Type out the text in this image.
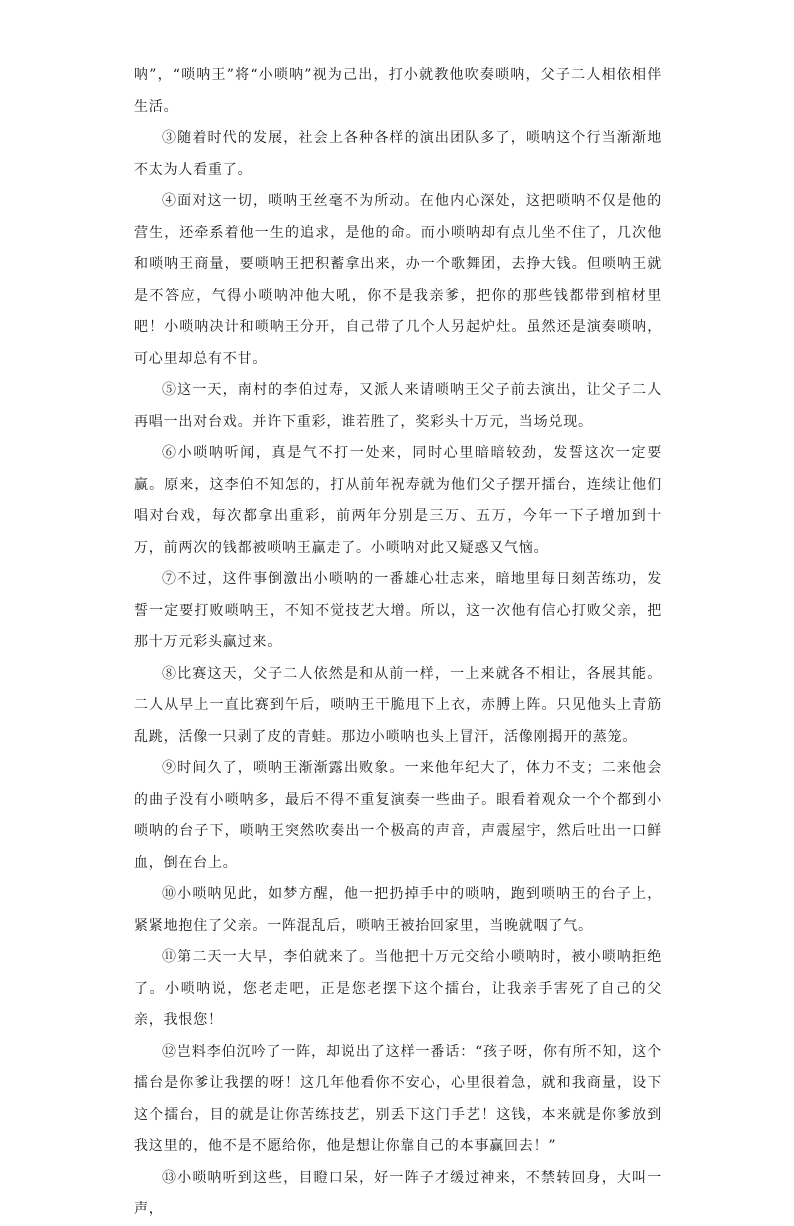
呐”，“唢呐王”将“小唢呐”视为己出，打小就教他吹奏唢呐，父子二人相依相伴生活。

③随着时代的发展，社会上各种各样的演出团队多了，唢呐这个行当渐渐地不太为人看重了。

④面对这一切，唢呐王丝毫不为所动。在他内心深处，这把唢呐不仅是他的营生，还牵系着他一生的追求，是他的命。而小唢呐却有点儿坐不住了，几次他和唢呐王商量，要唢呐王把积蓄拿出来，办一个歌舞团，去挣大钱。但唢呐王就是不答应，气得小唢呐冲他大吼，你不是我亲爹，把你的那些钱都带到棺材里吧！小唢呐决计和唢呐王分开，自己带了几个人另起炉灶。虽然还是演奏唢呐，可心里却总有不甘。

⑤这一天，南村的李伯过寿，又派人来请唢呐王父子前去演出，让父子二人再唱一出对台戏。并许下重彩，谁若胜了，奖彩头十万元，当场兑现。

⑥小唢呐听闻，真是气不打一处来，同时心里暗暗较劲，发誓这次一定要赢。原来，这李伯不知怎的，打从前年祝寿就为他们父子摆开擂台，连续让他们唱对台戏，每次都拿出重彩，前两年分别是三万、五万，今年一下子增加到十万，前两次的钱都被唢呐王赢走了。小唢呐对此又疑惑又气恼。

⑦不过，这件事倒激出小唢呐的一番雄心壮志来，暗地里每日刻苦练功，发誓一定要打败唢呐王，不知不觉技艺大增。所以，这一次他有信心打败父亲，把那十万元彩头赢过来。

⑧比赛这天，父子二人依然是和从前一样，一上来就各不相让，各展其能。二人从早上一直比赛到午后，唢呐王干脆甩下上衣，赤膊上阵。只见他头上青筋乱跳，活像一只剥了皮的青蛙。那边小唢呐也头上冒汗，活像刚揭开的蒸笼。

⑨时间久了，唢呐王渐渐露出败象。一来他年纪大了，体力不支；二来他会的曲子没有小唢呐多，最后不得不重复演奏一些曲子。眼看着观众一个个都到小唢呐的台子下，唢呐王突然吹奏出一个极高的声音，声震屋宇，然后吐出一口鲜血，倒在台上。

⑩小唢呐见此，如梦方醒，他一把扔掉手中的唢呐，跑到唢呐王的台子上，紧紧地抱住了父亲。一阵混乱后，唢呐王被抬回家里，当晚就咽了气。

⑪第二天一大早，李伯就来了。当他把十万元交给小唢呐时，被小唢呐拒绝了。小唢呐说，您老走吧，正是您老摆下这个擂台，让我亲手害死了自己的父亲，我恨您！

⑫岂料李伯沉吟了一阵，却说出了这样一番话：“孩子呀，你有所不知，这个擂台是你爹让我摆的呀！这几年他看你不安心，心里很着急，就和我商量，设下这个擂台，目的就是让你苦练技艺，别丢下这门手艺！这钱，本来就是你爹放到我这里的，他不是不愿给你，他是想让你靠自己的本事赢回去！”

⑬小唢呐听到这些，目瞪口呆，好一阵子才缓过神来，不禁转回身，大叫一声，
